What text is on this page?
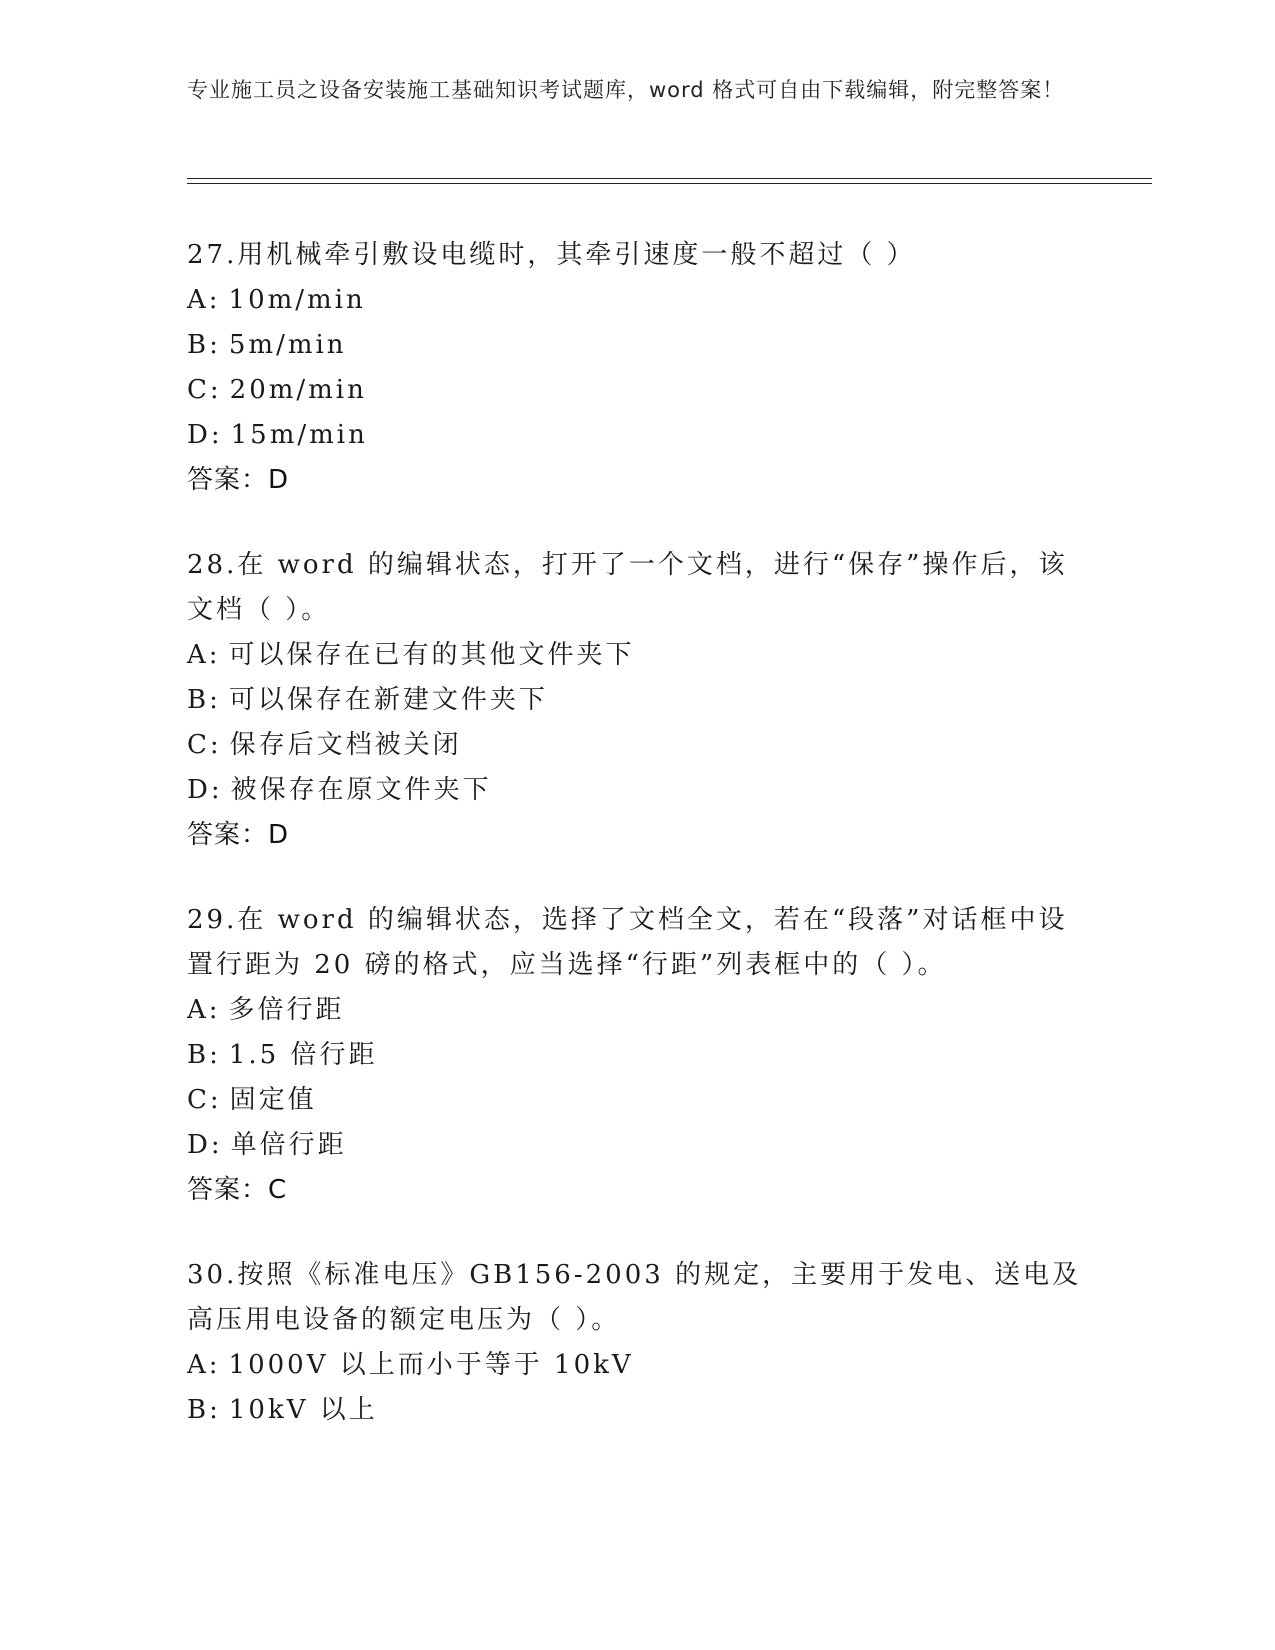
专业施工员之设备安装施工基础知识考试题库，word 格式可自由下载编辑，附完整答案！

27.用机械牵引敷设电缆时，其牵引速度一般不超过（ ）

A: 10m/min

B: 5m/min

C: 20m/min

D: 15m/min

答案：D

28.在 word 的编辑状态，打开了一个文档，进行“保存”操作后，该文档（ ）。

A: 可以保存在已有的其他文件夹下

B: 可以保存在新建文件夹下

C: 保存后文档被关闭

D: 被保存在原文件夹下

答案：D

29.在 word 的编辑状态，选择了文档全文，若在“段落”对话框中设置行距为 20 磅的格式，应当选择“行距”列表框中的（ ）。

A: 多倍行距

B: 1.5 倍行距

C: 固定值

D: 单倍行距

答案：C

30.按照《标准电压》GB156-2003 的规定，主要用于发电、送电及高压用电设备的额定电压为（ ）。

A: 1000V 以上而小于等于 10kV

B: 10kV 以上
